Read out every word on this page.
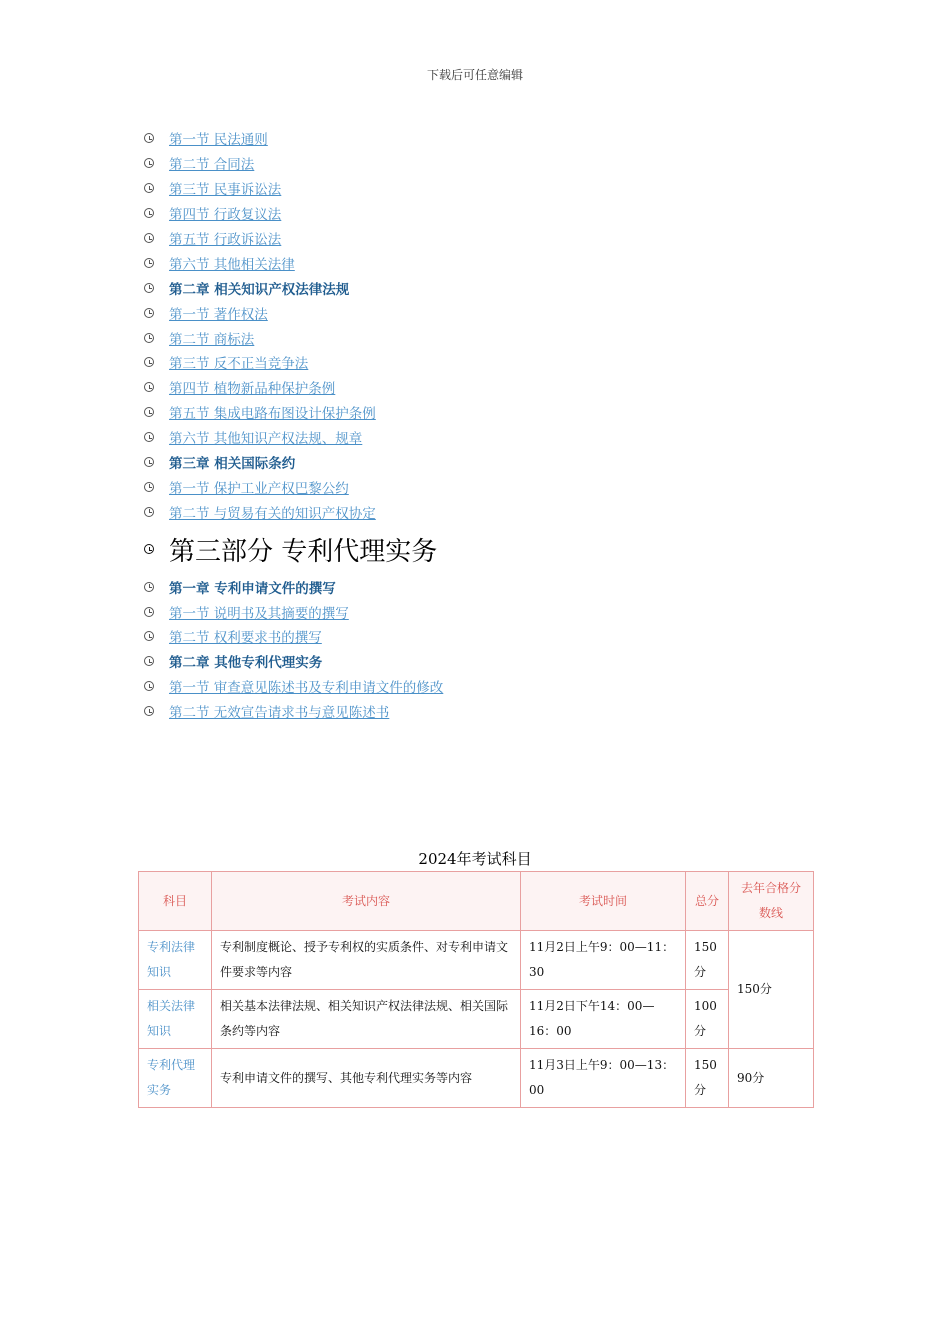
下载后可任意编辑
第一节 民法通则
第二节 合同法
第三节 民事诉讼法
第四节 行政复议法
第五节 行政诉讼法
第六节 其他相关法律
第二章 相关知识产权法律法规
第一节 著作权法
第二节 商标法
第三节 反不正当竞争法
第四节 植物新品种保护条例
第五节 集成电路布图设计保护条例
第六节 其他知识产权法规、规章
第三章 相关国际条约
第一节 保护工业产权巴黎公约
第二节 与贸易有关的知识产权协定
第三部分 专利代理实务
第一章 专利申请文件的撰写
第一节 说明书及其摘要的撰写
第二节 权利要求书的撰写
第二章 其他专利代理实务
第一节 审查意见陈述书及专利申请文件的修改
第二节 无效宣告请求书与意见陈述书
2024年考试科目
科目	考试内容	考试时间	总分	去年合格分数线
专利法律知识	专利制度概论、授予专利权的实质条件、对专利申请文件要求等内容	11月2日上午9：00—11：30	150分	150分
相关法律知识	相关基本法律法规、相关知识产权法律法规、相关国际条约等内容	11月2日下午14：00—16：00	100分	
专利代理实务	专利申请文件的撰写、其他专利代理实务等内容	11月3日上午9：00—13：00	150分	90分
